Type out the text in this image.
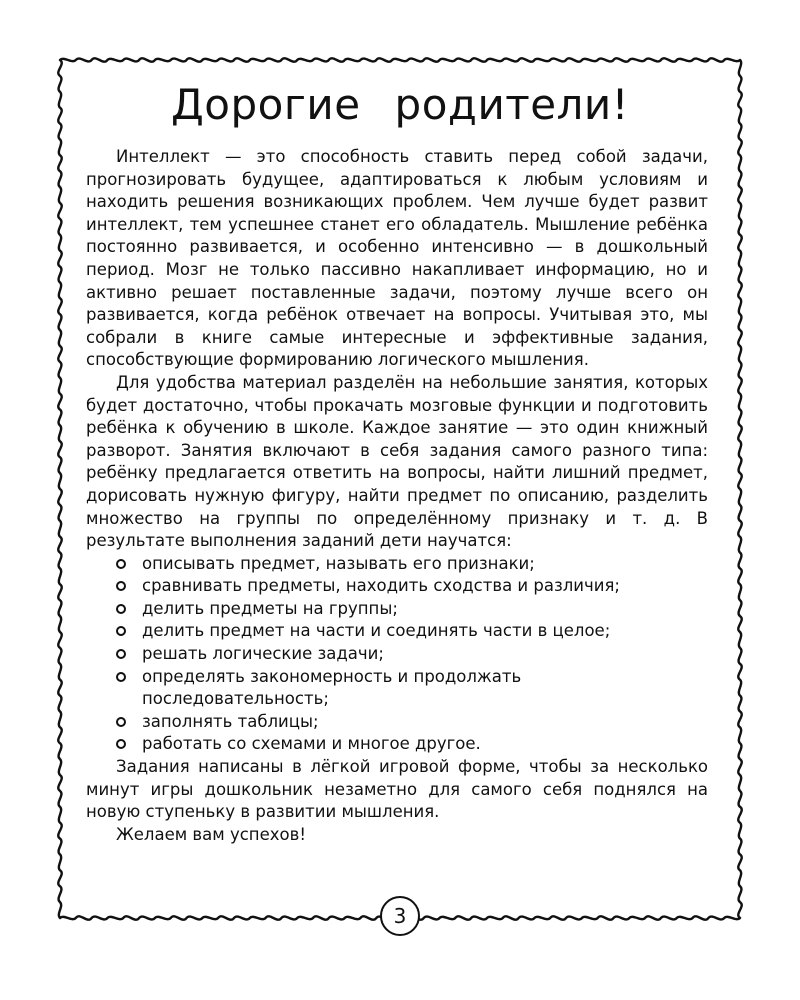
Дорогие родители!

Интеллект — это способность ставить перед собой задачи, прогнозировать будущее, адаптироваться к любым условиям и находить решения возникающих проблем. Чем лучше будет развит интеллект, тем успешнее станет его обладатель. Мышление ребёнка постоянно развивается, и особенно интенсивно — в дошкольный период. Мозг не только пассивно накапливает информацию, но и активно решает поставленные задачи, поэтому лучше всего он развивается, когда ребёнок отвечает на вопросы. Учитывая это, мы собрали в книге самые интересные и эффективные задания, способствующие формированию логического мышления.

Для удобства материал разделён на небольшие занятия, которых будет достаточно, чтобы прокачать мозговые функции и подготовить ребёнка к обучению в школе. Каждое занятие — это один книжный разворот. Занятия включают в себя задания самого разного типа: ребёнку предлагается ответить на вопросы, найти лишний предмет, дорисовать нужную фигуру, найти предмет по описанию, разделить множество на группы по определённому признаку и т. д. В результате выполнения заданий дети научатся:

описывать предмет, называть его признаки;
сравнивать предметы, находить сходства и различия;
делить предметы на группы;
делить предмет на части и соединять части в целое;
решать логические задачи;
определять закономерность и продолжать последовательность;
заполнять таблицы;
работать со схемами и многое другое.

Задания написаны в лёгкой игровой форме, чтобы за несколько минут игры дошкольник незаметно для самого себя поднялся на новую ступеньку в развитии мышления.

Желаем вам успехов!

3
